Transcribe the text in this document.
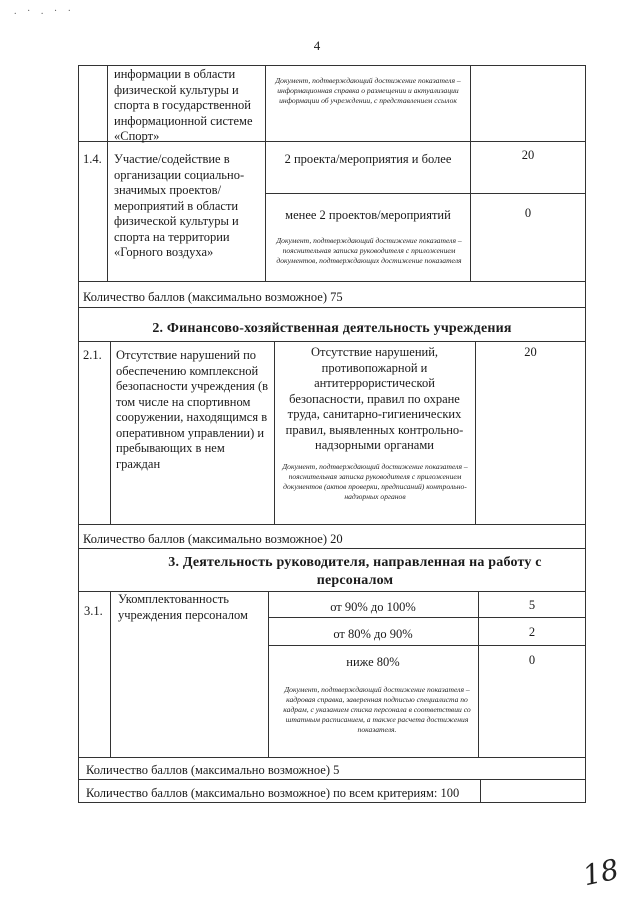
. · . · ·
4
информации в области физической культуры и спорта в государственной информационной системе «Спорт»
Документ, подтверждающий достижение показателя – информационная справка о размещении и актуализации информации об учреждении, с представлением ссылок
1.4. Участие/содействие в организации социально-значимых проектов/мероприятий в области физической культуры и спорта на территории «Горного воздуха»
2 проекта/мероприятия и более	20
менее 2 проектов/мероприятий	0
Документ, подтверждающий достижение показателя – пояснительная записка руководителя с приложением документов, подтверждающих достижение показателя
Количество баллов (максимально возможное) 75
2. Финансово-хозяйственная деятельность учреждения
2.1. Отсутствие нарушений по обеспечению комплексной безопасности учреждения (в том числе на спортивном сооружении, находящимся в оперативном управлении) и пребывающих в нем граждан
Отсутствие нарушений, противопожарной и антитеррористической безопасности, правил по охране труда, санитарно-гигиенических правил, выявленных контрольно-надзорными органами
Документ, подтверждающий достижение показателя – пояснительная записка руководителя с приложением документов (актов проверки, предписаний) контрольно-надзорных органов
20
Количество баллов (максимально возможное) 20
3. Деятельность руководителя, направленная на работу с персоналом
3.1.
Укомплектованность учреждения персоналом
от 90% до 100%	5
от 80% до 90%	2
ниже 80%	0
Документ, подтверждающий достижение показателя – кадровая справка, заверенная подписью специалиста по кадрам, с указанием списка персонала в соответствии со штатным расписанием, а также расчета достижения показателя.
Количество баллов (максимально возможное) 5
Количество баллов (максимально возможное) по всем критериям: 100
18
